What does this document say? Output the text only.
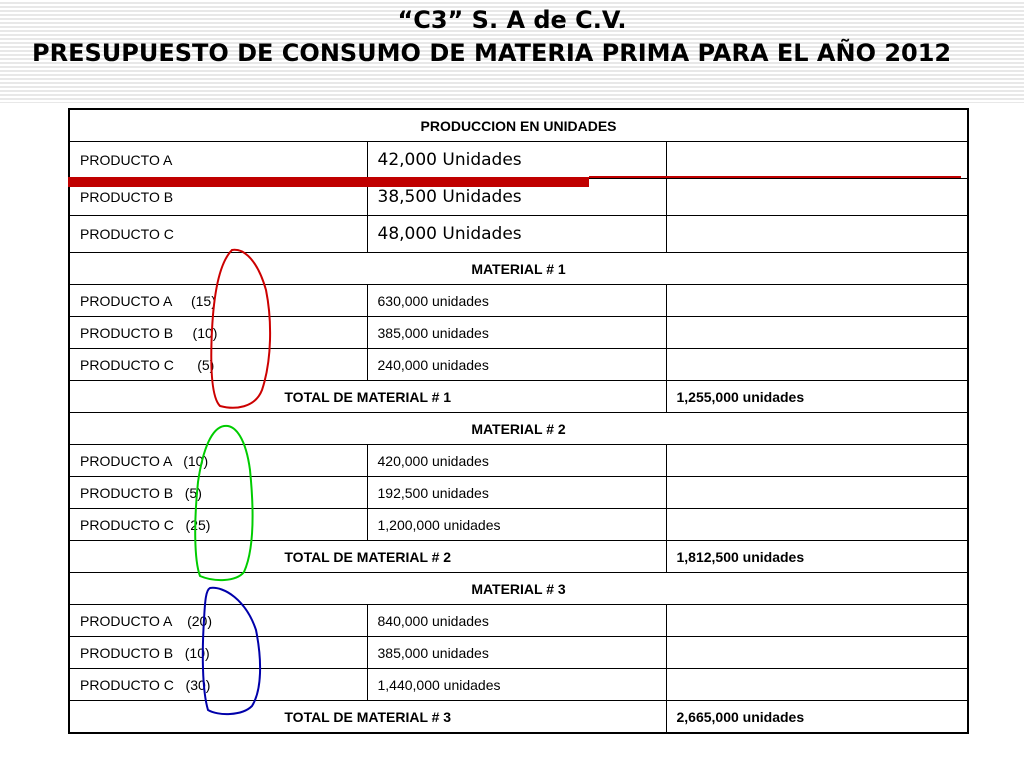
“C3” S. A de C.V.
PRESUPUESTO DE CONSUMO DE MATERIA PRIMA PARA EL AÑO 2012
PRODUCCION EN UNIDADES		
PRODUCTO A	42,000 Unidades	
PRODUCTO B	38,500 Unidades	
PRODUCTO C	48,000 Unidades	
MATERIAL # 1		
PRODUCTO A     (15)	630,000 unidades	
PRODUCTO B     (10)	385,000 unidades	
PRODUCTO C      (5)	240,000 unidades	
TOTAL DE MATERIAL # 1		1,255,000 unidades
MATERIAL # 2		
PRODUCTO A   (10)	420,000 unidades	
PRODUCTO B   (5)	192,500 unidades	
PRODUCTO C   (25)	1,200,000 unidades	
TOTAL DE MATERIAL # 2		1,812,500 unidades
MATERIAL # 3		
PRODUCTO A    (20)	840,000 unidades	
PRODUCTO B   (10)	385,000 unidades	
PRODUCTO C   (30)	1,440,000 unidades	
TOTAL DE MATERIAL # 3		2,665,000 unidades
